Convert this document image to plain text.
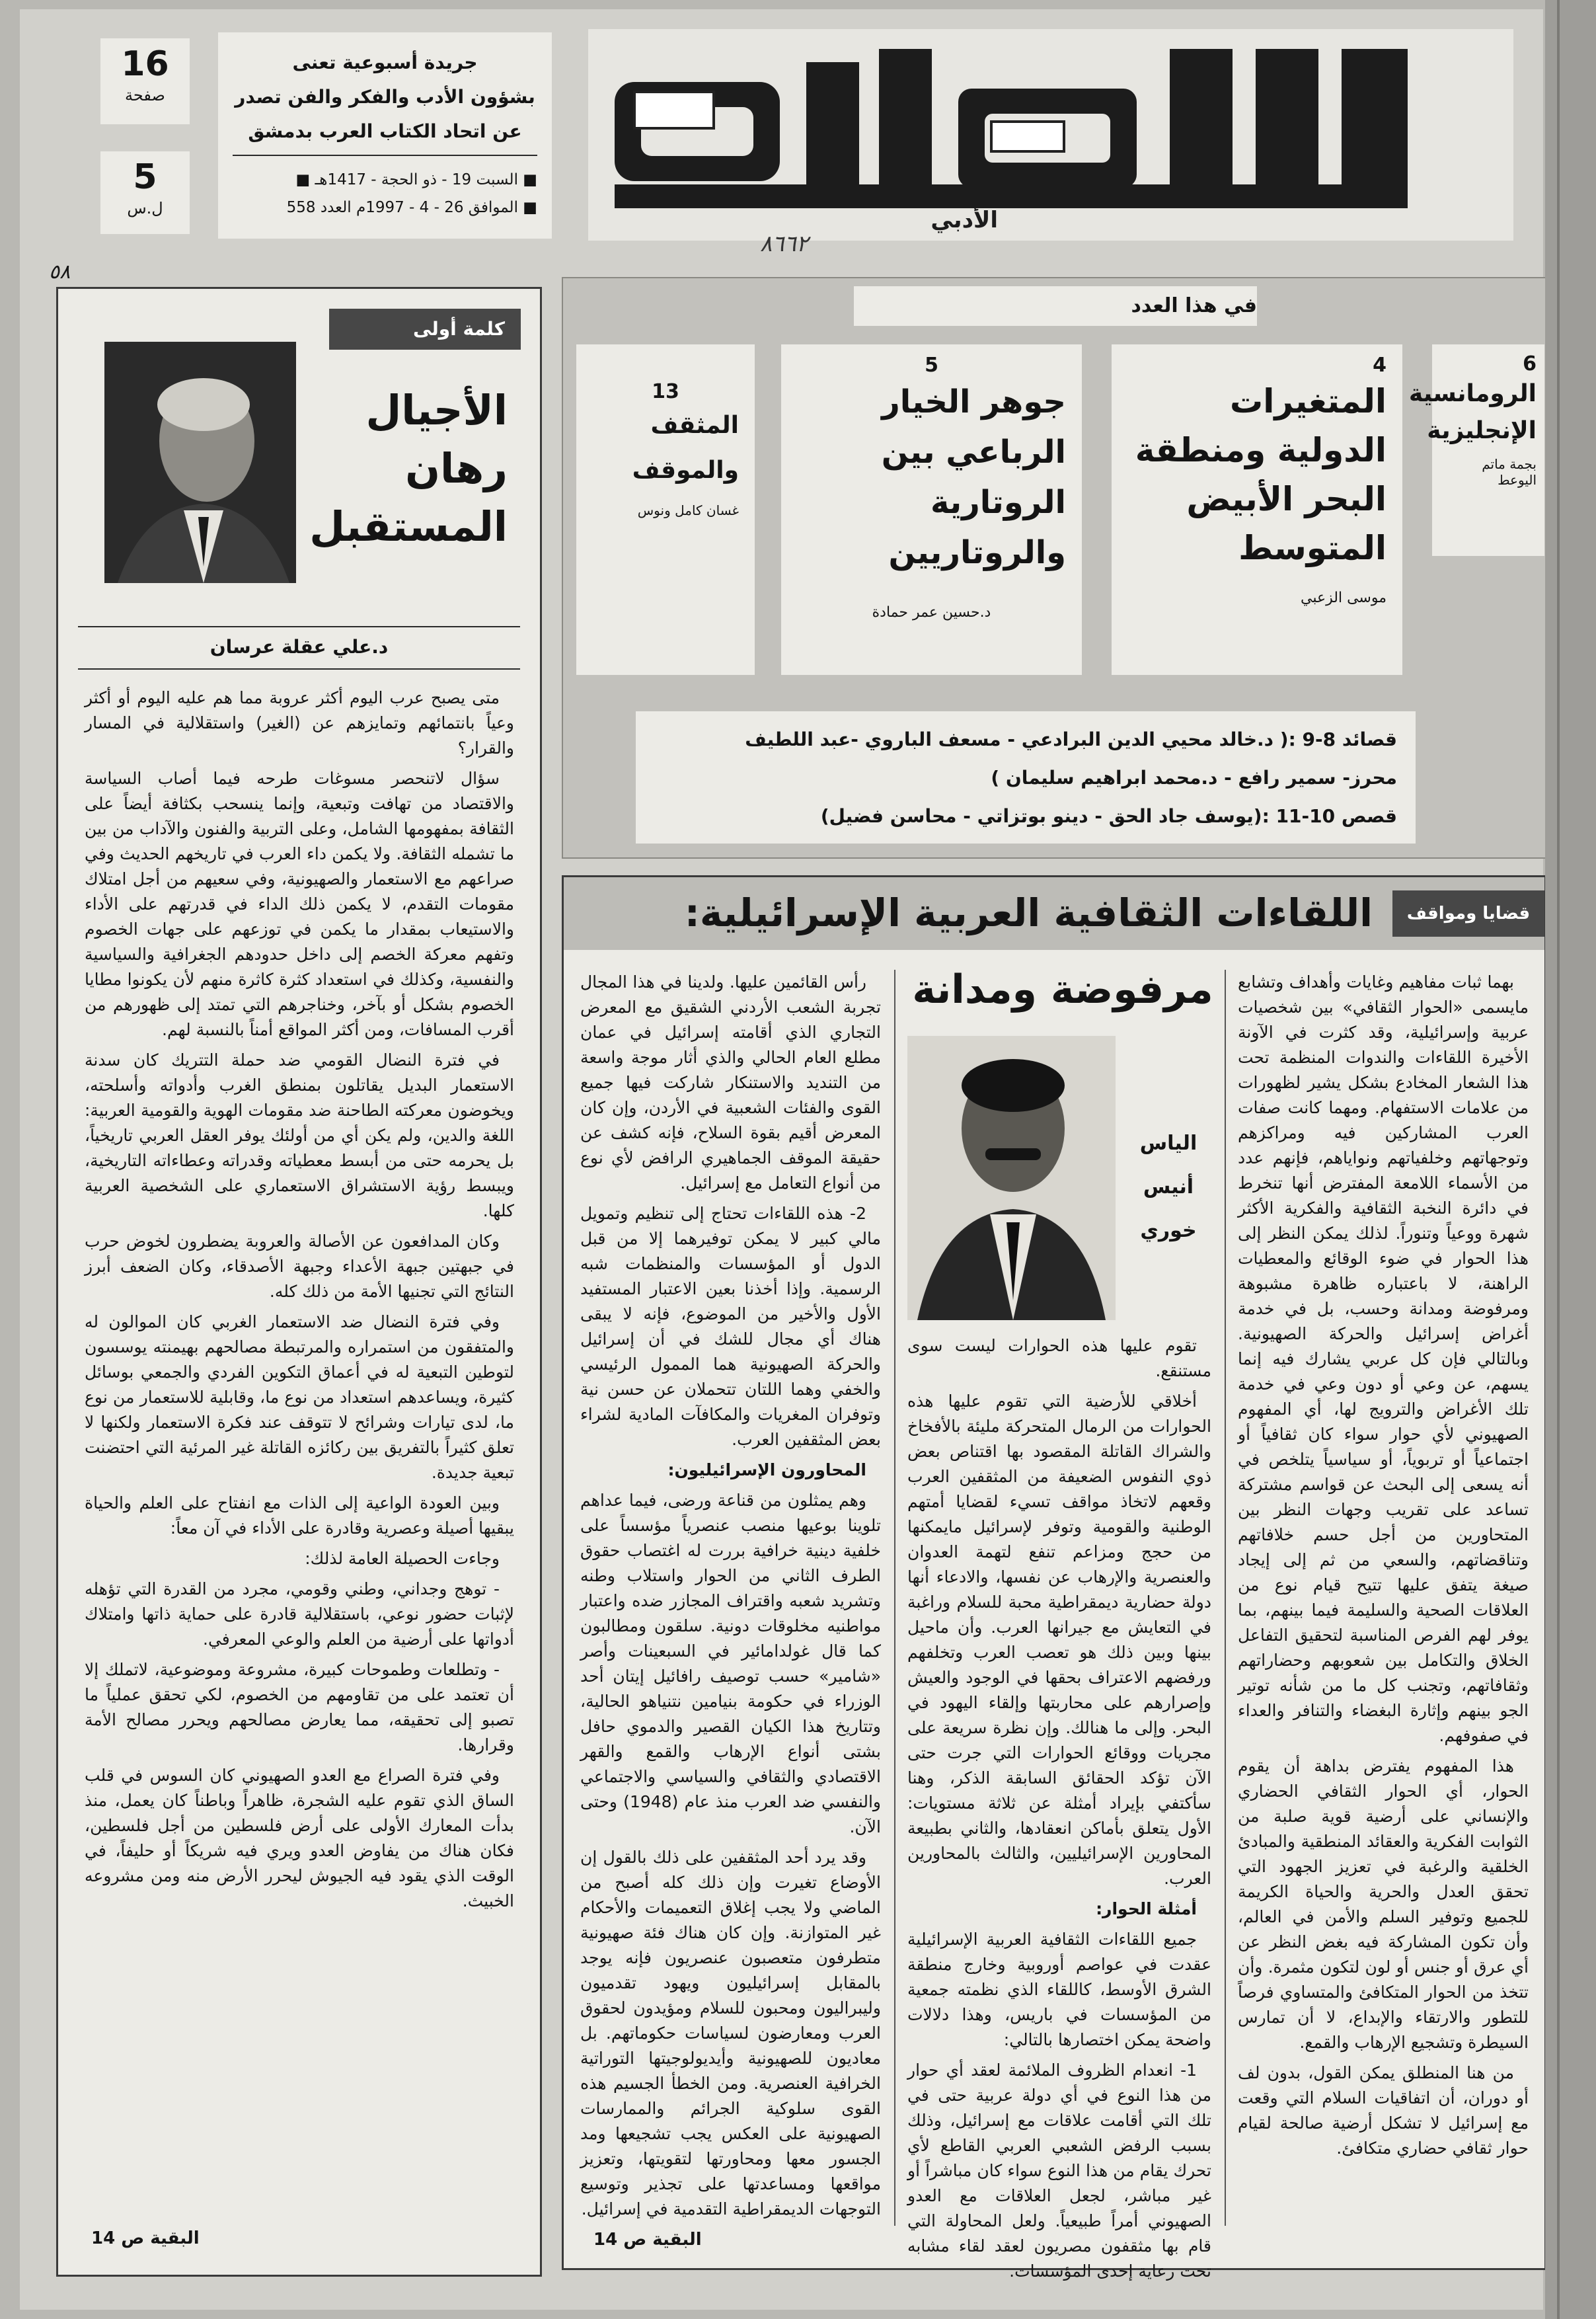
16
صفحة
5
ل.س
جريدة أسبوعية تعنى
بشؤون الأدب والفكر والفن تصدر
عن اتحاد الكتاب العرب بدمشق
■ السبت 19 - ذو الحجة - 1417هـ ■
■ الموافق 26 - 4 - 1997م العدد 558	الأدبي
٨٦٦٢
٥٨
كلمة أولى
الأجيال
رهان
المستقبل
د.علي عقلة عرسان

متى يصبح عرب اليوم أكثر عروبة مما هم عليه اليوم أو أكثر وعياً بانتمائهم وتمايزهم عن (الغير) واستقلالية في المسار والقرار؟

سؤال لاتنحصر مسوغات طرحه فيما أصاب السياسة والاقتصاد من تهافت وتبعية، وإنما ينسحب بكثافة أيضاً على الثقافة بمفهومها الشامل، وعلى التربية والفنون والآداب من بين ما تشمله الثقافة. ولا يكمن داء العرب في تاريخهم الحديث وفي صراعهم مع الاستعمار والصهيونية، وفي سعيهم من أجل امتلاك مقومات التقدم، لا يكمن ذلك الداء في قدرتهم على الأداء والاستيعاب بمقدار ما يكمن في توزعهم على جهات الخصوم وتفهم معركة الخصم إلى داخل حدودهم الجغرافية والسياسية والنفسية، وكذلك في استعداد كثرة كاثرة منهم لأن يكونوا مطايا الخصوم بشكل أو بآخر، وخناجرهم التي تمتد إلى ظهورهم من أقرب المسافات، ومن أكثر المواقع أمناً بالنسبة لهم.

في فترة النضال القومي ضد حملة التتريك كان سدنة الاستعمار البديل يقاتلون بمنطق الغرب وأدواته وأسلحته، ويخوضون معركته الطاحنة ضد مقومات الهوية والقومية العربية: اللغة والدين، ولم يكن أي من أولئك يوفر العقل العربي تاريخياً، بل يحرمه حتى من أبسط معطياته وقدراته وعطاءاته التاريخية، ويبسط رؤية الاستشراق الاستعماري على الشخصية العربية كلها.

وكان المدافعون عن الأصالة والعروبة يضطرون لخوض حرب في جبهتين جبهة الأعداء وجبهة الأصدقاء، وكان الضعف أبرز النتائج التي تجنيها الأمة من ذلك كله.

وفي فترة النضال ضد الاستعمار الغربي كان الموالون له والمتفقون من استمراره والمرتبطة مصالحهم بهيمنته يوسسون لتوطين التبعية له في أعماق التكوين الفردي والجمعي بوسائل كثيرة، ويساعدهم استعداد من نوع ما، وقابلية للاستعمار من نوع ما، لدى تيارات وشرائح لا تتوقف عند فكرة الاستعمار ولكنها لا تعلق كثيراً بالتفريق بين ركائزه القاتلة غير المرئية التي احتضنت تبعية جديدة.

وبين العودة الواعية إلى الذات مع انفتاح على العلم والحياة يبقيها أصيلة وعصرية وقادرة على الأداء في آن معاً:

وجاءت الحصيلة العامة لذلك:

- توهج وجداني، وطني وقومي، مجرد من القدرة التي تؤهله لإثبات حضور نوعي، باستقلالية قادرة على حماية ذاتها وامتلاك أدواتها على أرضية من العلم والوعي المعرفي.

- وتطلعات وطموحات كبيرة، مشروعة وموضوعية، لاتملك إلا أن تعتمد على من تقاومهم من الخصوم، لكي تحقق عملياً ما تصبو إلى تحقيقه، مما يعارض مصالحهم ويحرر مصالح الأمة وقرارها.

وفي فترة الصراع مع العدو الصهيوني كان السوس في قلب الساق الذي تقوم عليه الشجرة، ظاهراً وباطناً كان يعمل، منذ بدأت المعارك الأولى على أرض فلسطين من أجل فلسطين، فكان هناك من يفاوض العدو ويري فيه شريكاً أو حليفاً، في الوقت الذي يقود فيه الجيوش ليحرر الأرض منه ومن مشروعه الخبيث.

البقية ص 14
في هذا العدد
6
الرومانسية الإنجليزية
بجمة ماتم اليوعط
4
المتغيرات الدولية ومنطقة البحر الأبيض المتوسط
موسى الزعبي
5
جوهر الخيار الرباعي بين الروتارية والروتاريين
د.حسين عمر حمادة
13
المثقف والموقف
غسان كامل ونوس
قصائد 8-9 :( د.خالد محيي الدين البرادعي - مسعف الباروي -عبد اللطيف
محرز- سمير رافع - د.محمد ابراهيم سليمان )
قصص 10-11 :(يوسف جاد الحق - دينو بوتزاتي - محاسن فضيل)
قضايا ومواقف
اللقاءات الثقافية العربية الإسرائيلية:

بهما ثبات مفاهيم وغايات وأهداف وتشابع مايسمى «الحوار الثقافي» بين شخصيات عربية وإسرائيلية، وقد كثرت في الآونة الأخيرة اللقاءات والندوات المنظمة تحت هذا الشعار المخادع بشكل يشير لظهورات من علامات الاستفهام. ومهما كانت صفات العرب المشاركين فيه ومراكزهم وتوجهاتهم وخلفياتهم ونواياهم، فإنهم عدد من الأسماء اللامعة المفترض أنها تنخرط في دائرة النخبة الثقافية والفكرية الأكثر شهرة ووعياً وتنوراً. لذلك يمكن النظر إلى هذا الحوار في ضوء الوقائع والمعطيات الراهنة، لا باعتباره ظاهرة مشبوهة ومرفوضة ومدانة وحسب، بل في خدمة أغراض إسرائيل والحركة الصهيونية. وبالتالي فإن كل عربي يشارك فيه إنما يسهم، عن وعي أو دون وعي في خدمة تلك الأغراض والترويج لها، أي المفهوم الصهيوني لأي حوار سواء كان ثقافياً أو اجتماعياً أو تربوياً، أو سياسياً يتلخص في أنه يسعى إلى البحث عن قواسم مشتركة تساعد على تقريب وجهات النظر بين المتحاورين من أجل حسم خلافاتهم وتناقضاتهم، والسعي من ثم إلى إيجاد صيغة يتفق عليها تتيح قيام نوع من العلاقات الصحية والسليمة فيما بينهم، بما يوفر لهم الفرص المناسبة لتحقيق التفاعل الخلاق والتكامل بين شعوبهم وحضاراتهم وثقافاتهم، وتجنب كل ما من شأنه توتير الجو بينهم وإثارة البغضاء والتنافر والعداء في صفوفهم.

هذا المفهوم يفترض بداهة أن يقوم الحوار، أي الحوار الثقافي الحضاري والإنساني على أرضية قوية صلبة من الثوابت الفكرية والعقائد المنطقية والمبادئ الخلقية والرغبة في تعزيز الجهود التي تحقق العدل والحرية والحياة الكريمة للجميع وتوفير السلم والأمن في العالم، وأن تكون المشاركة فيه بغض النظر عن أي عرق أو جنس أو لون لتكون مثمرة. وأن تتخذ من الحوار المتكافئ والمتساوي فرصاً للتطور والارتقاء والإبداع، لا أن تمارس السيطرة وتشجيع الإرهاب والقمع.

من هنا المنطلق يمكن القول، بدون لف أو دوران، أن اتفاقيات السلام التي وقعت مع إسرائيل لا تشكل أرضية صالحة لقيام حوار ثقافي حضاري متكافئ.

مرفوضة ومدانة
الياس
أنيس
خوري

تقوم عليها هذه الحوارات ليست سوى مستنقع.

أخلاقي للأرضية التي تقوم عليها هذه الحوارات من الرمال المتحركة مليئة بالأفخاخ والشراك القاتلة المقصود بها اقتناص بعض ذوي النفوس الضعيفة من المثقفين العرب وقعهم لاتخاذ مواقف تسيء لقضايا أمتهم الوطنية والقومية وتوفر لإسرائيل مايمكنها من حجج ومزاعم تنفع لتهمة العدوان والعنصرية والإرهاب عن نفسها، والادعاء أنها دولة حضارية ديمقراطية محبة للسلام وراغبة في التعايش مع جيرانها العرب. وأن ماحيل بينها وبين ذلك هو تعصب العرب وتخلفهم ورفضهم الاعتراف بحقها في الوجود والعيش وإصرارهم على محاربتها وإلقاء اليهود في البحر. وإلى ما هنالك. وإن نظرة سريعة على مجريات ووقائع الحوارات التي جرت حتى الآن تؤكد الحقائق السابقة الذكر، وهنا سأكتفي بإيراد أمثلة عن ثلاثة مستويات: الأول يتعلق بأماكن انعقادها، والثاني بطبيعة المحاورين الإسرائيليين، والثالث بالمحاورين العرب.

أمثلة الحوار:

جميع اللقاءات الثقافية العربية الإسرائيلية عقدت في عواصم أوروبية وخارج منطقة الشرق الأوسط، كاللقاء الذي نظمته جمعية من المؤسسات في باريس، وهذا دلالات واضحة يمكن اختصارها بالتالي:

1- انعدام الظروف الملائمة لعقد أي حوار من هذا النوع في أي دولة عربية حتى في تلك التي أقامت علاقات مع إسرائيل، وذلك بسبب الرفض الشعبي العربي القاطع لأي تحرك يقام من هذا النوع سواء كان مباشراً أو غير مباشر، لجعل العلاقات مع العدو الصهيوني أمراً طبيعياً. ولعل المحاولة التي قام بها مثقفون مصريون لعقد لقاء مشابه تحت رعاية إحدى المؤسسات.

رأس القائمين عليها. ولدينا في هذا المجال تجربة الشعب الأردني الشقيق مع المعرض التجاري الذي أقامته إسرائيل في عمان مطلع العام الحالي والذي أثار موجة واسعة من التنديد والاستنكار شاركت فيها جميع القوى والفئات الشعبية في الأردن، وإن كان المعرض أقيم بقوة السلاح، فإنه كشف عن حقيقة الموقف الجماهيري الرافض لأي نوع من أنواع التعامل مع إسرائيل.

2- هذه اللقاءات تحتاج إلى تنظيم وتمويل مالي كبير لا يمكن توفيرهما إلا من قبل الدول أو المؤسسات والمنظمات شبه الرسمية. وإذا أخذنا بعين الاعتبار المستفيد الأول والأخير من الموضوع، فإنه لا يبقى هناك أي مجال للشك في أن إسرائيل والحركة الصهيونية هما الممول الرئيسي والخفي وهما اللتان تتحملان عن حسن نية وتوفران المغريات والمكافآت المادية لشراء بعض المثقفين العرب.

المحاورون الإسرائيليون:

وهم يمثلون من قناعة ورضى، فيما عداهم تلوينا بوعيها منصب عنصرياً مؤسساً على خلفية دينية خرافية بررت له اغتصاب حقوق الطرف الثاني من الحوار واستلاب وطنه وتشريد شعبه واقتراف المجازر ضده واعتبار مواطنيه مخلوقات دونية. سلقون ومطالبون كما قال غولدامائير في السبعينات وأصر «شامير» حسب توصيف رافائيل إيتان أحد الوزراء في حكومة بنيامين نتنياهو الحالية، وتتاريخ هذا الكيان القصير والدموي حافل بشتى أنواع الإرهاب والقمع والقهر الاقتصادي والثقافي والسياسي والاجتماعي والنفسي ضد العرب منذ عام (1948) وحتى الآن.

وقد يرد أحد المثقفين على ذلك بالقول إن الأوضاع تغيرت وإن ذلك كله أصبح من الماضي ولا يجب إغلاق التعميمات والأحكام غير المتوازنة. وإن كان هناك فئة صهيونية متطرفون متعصبون عنصريون فإنه يوجد بالمقابل إسرائيليون ويهود تقدميون وليبراليون ومحبون للسلام ومؤيدون لحقوق العرب ومعارضون لسياسات حكوماتهم. بل معاديون للصهيونية وأيديولوجيتها التوراتية الخرافية العنصرية. ومن الخطأ الجسيم هذه القوى سلوكية الجرائم والممارسات الصهيونية على العكس يجب تشجيعها ومد الجسور معها ومحاورتها لتقويتها، وتعزيز مواقعها ومساعدتها على تجذير وتوسيع التوجهات الديمقراطية التقدمية في إسرائيل.

البقية ص 14
